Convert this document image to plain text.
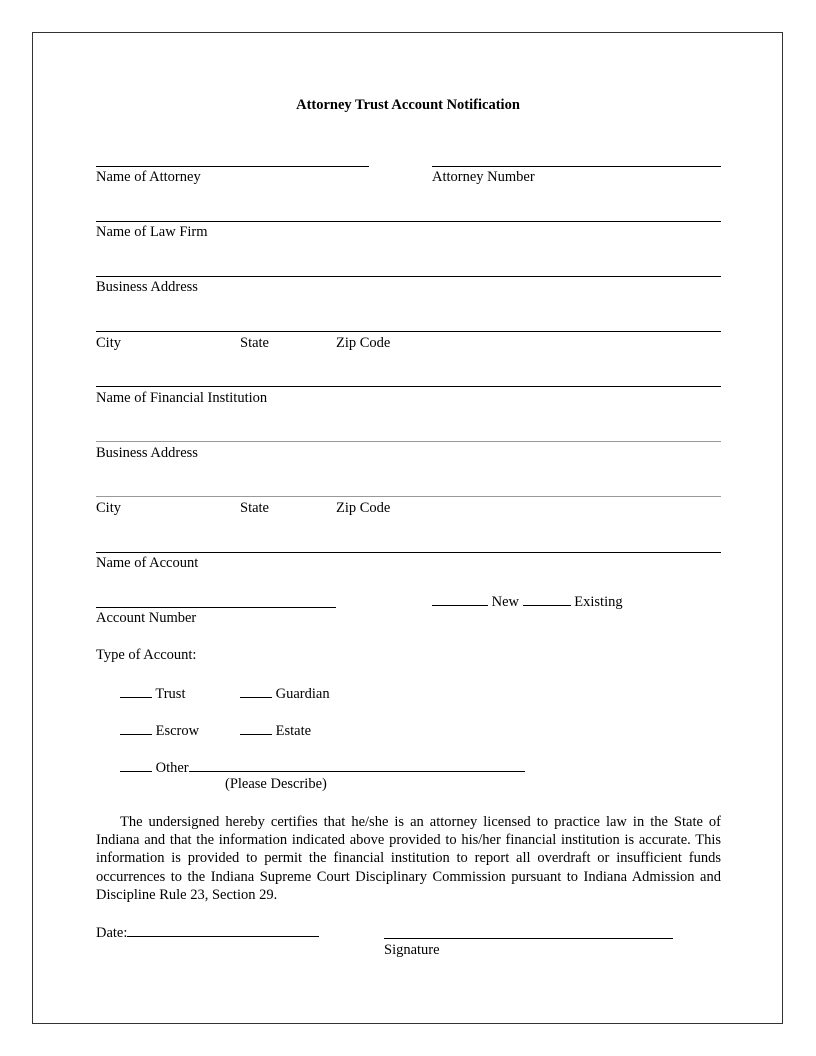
Attorney Trust Account Notification
Name of Attorney	Attorney Number
Name of Law Firm
Business Address
City	State	Zip Code
Name of Financial Institution
Business Address
City	State	Zip Code
Name of Account
Account Number
New	Existing
Type of Account:
Trust	Guardian
Escrow	Estate
Other
(Please Describe)
The undersigned hereby certifies that he/she is an attorney licensed to practice law in the State of Indiana and that the information indicated above provided to his/her financial institution is accurate. This information is provided to permit the financial institution to report all overdraft or insufficient funds occurrences to the Indiana Supreme Court Disciplinary Commission pursuant to Indiana Admission and Discipline Rule 23, Section 29.
Date:
Signature
